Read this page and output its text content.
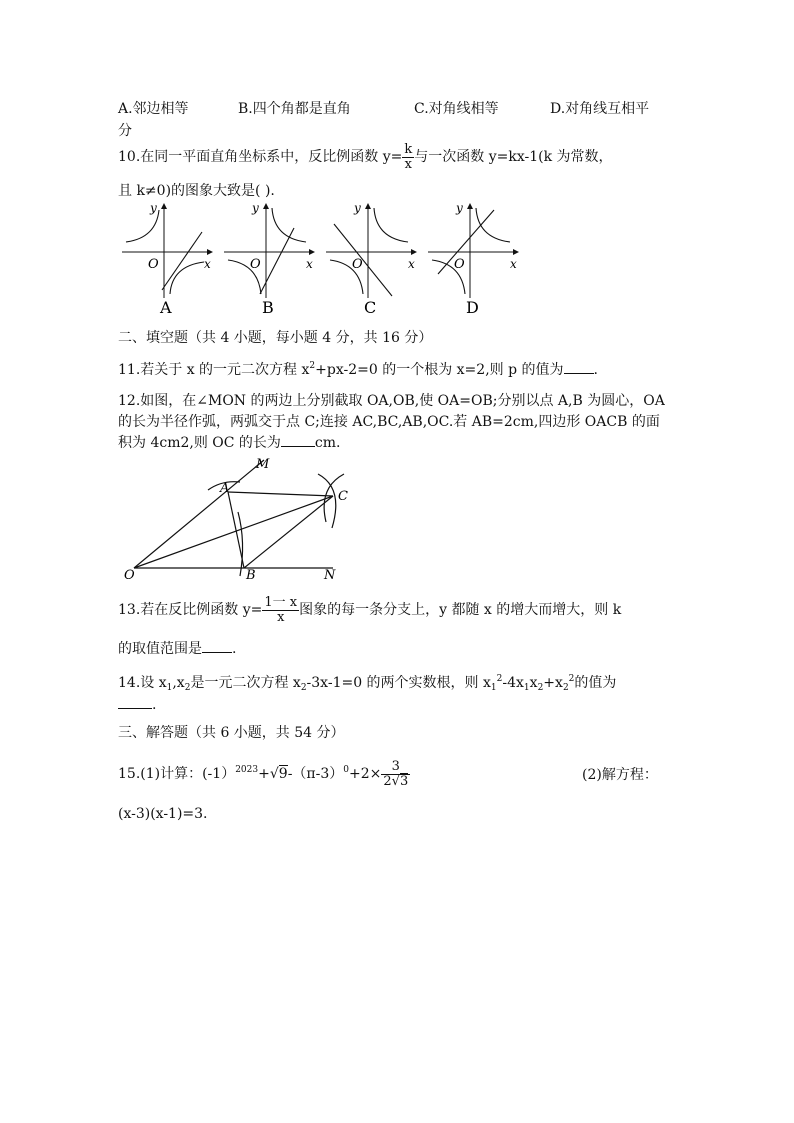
A.邻边相等	B.四个角都是直角	C.对角线相等	D.对角线互相平
分
10.在同一平面直角坐标系中，反比例函数 $y= \frac{k}{x}$ 与一次函数 y=kx-1(k 为常数，
且 k≠0)的图象大致是( ).
O	x
y
A
O	x
y
B
O	x
y
C
O	x
y
D
二、填空题（共 4 小题，每小题 4 分，共 16 分）
11.若关于 x 的一元二次方程 $x^2+px-2=0$ 的一个根为 x=2,则 p 的值为 .
12.如图，在∠MON 的两边上分别截取 OA,OB,使 OA=OB;分别以点 A,B 为圆心，OA
的长为半径作弧，两弧交于点 C;连接 AC,BC,AB,OC.若 AB=2cm,四边形 OACB 的面
积为 4cm2,则 OC 的长为 cm.
M
A
C
O	B	N
13.若在反比例函数 $y= \frac{\text{1一 x}}{x}$ 图象的每一条分支上，y 都随 x 的增大而增大，则 k
的取值范围是 .
14.设 $x_1,x_2$是一元二次方程 $x_2-3x-1=0$ 的两个实数根，则 $x_1^2-4x_1x_2+x_2^2$的值为
.
三、解答题（共 6 小题，共 54 分）
15.(1)计算：$(-1)^{2023}+√9-(\pi-3)^0+2\times \frac{3}{2√3}$	(2)解方程：
(x-3)(x-1)=3.
